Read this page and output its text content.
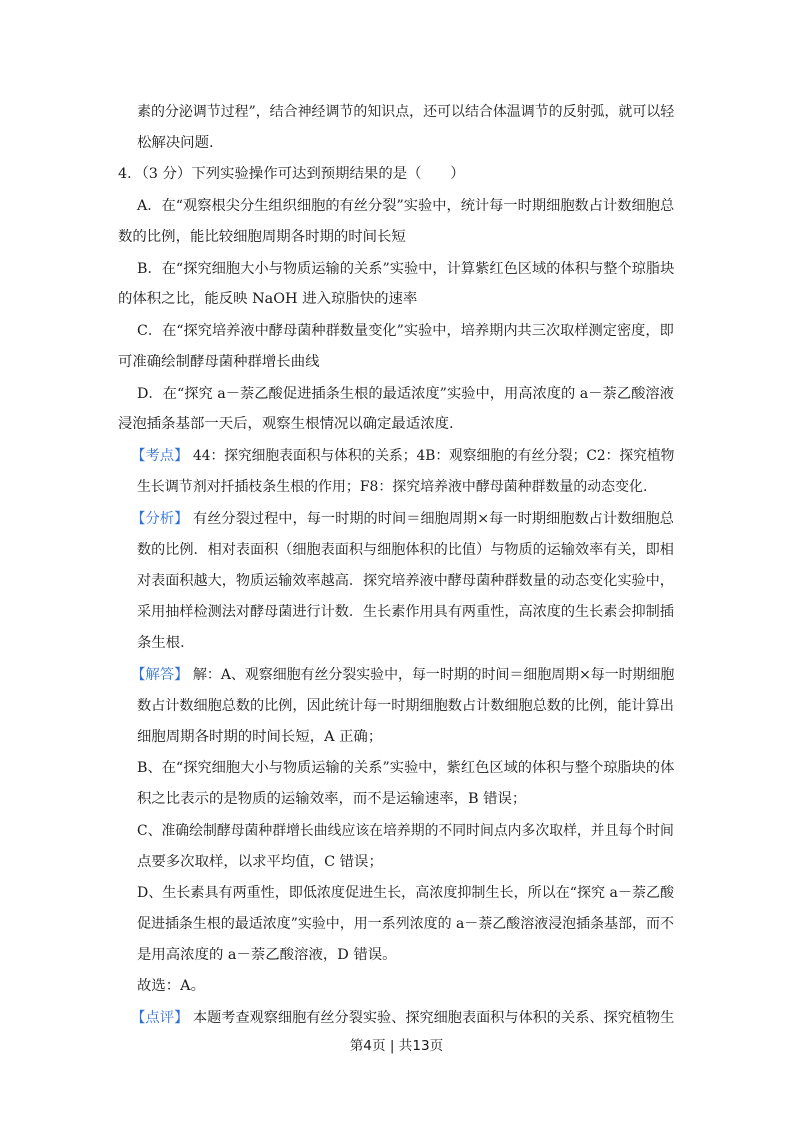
素的分泌调节过程”，结合神经调节的知识点，还可以结合体温调节的反射弧，就可以轻
松解决问题.
4．（3 分）下列实验操作可达到预期结果的是（　　）
A．在“观察根尖分生组织细胞的有丝分裂”实验中，统计每一时期细胞数占计数细胞总
数的比例，能比较细胞周期各时期的时间长短
B．在“探究细胞大小与物质运输的关系”实验中，计算紫红色区域的体积与整个琼脂块
的体积之比，能反映 NaOH 进入琼脂快的速率
C．在“探究培养液中酵母菌种群数量变化”实验中，培养期内共三次取样测定密度，即
可准确绘制酵母菌种群增长曲线
D．在“探究 a－萘乙酸促进插条生根的最适浓度”实验中，用高浓度的 a－萘乙酸溶液
浸泡插条基部一天后，观察生根情况以确定最适浓度.
【考点】 44：探究细胞表面积与体积的关系；4B：观察细胞的有丝分裂；C2：探究植物
生长调节剂对扦插枝条生根的作用；F8：探究培养液中酵母菌种群数量的动态变化.
【分析】 有丝分裂过程中，每一时期的时间＝细胞周期×每一时期细胞数占计数细胞总
数的比例．相对表面积（细胞表面积与细胞体积的比值）与物质的运输效率有关，即相
对表面积越大，物质运输效率越高．探究培养液中酵母菌种群数量的动态变化实验中，
采用抽样检测法对酵母菌进行计数．生长素作用具有两重性，高浓度的生长素会抑制插
条生根．
【解答】 解：A、观察细胞有丝分裂实验中，每一时期的时间＝细胞周期×每一时期细胞
数占计数细胞总数的比例，因此统计每一时期细胞数占计数细胞总数的比例，能计算出
细胞周期各时期的时间长短，A 正确；
B、在“探究细胞大小与物质运输的关系”实验中，紫红色区域的体积与整个琼脂块的体
积之比表示的是物质的运输效率，而不是运输速率，B 错误；
C、准确绘制酵母菌种群增长曲线应该在培养期的不同时间点内多次取样，并且每个时间
点要多次取样，以求平均值，C 错误；
D、生长素具有两重性，即低浓度促进生长，高浓度抑制生长，所以在“探究 a－萘乙酸
促进插条生根的最适浓度”实验中，用一系列浓度的 a－萘乙酸溶液浸泡插条基部，而不
是用高浓度的 a－萘乙酸溶液，D 错误。
故选：A。
【点评】 本题考查观察细胞有丝分裂实验、探究细胞表面积与体积的关系、探究植物生
第4页 | 共13页
